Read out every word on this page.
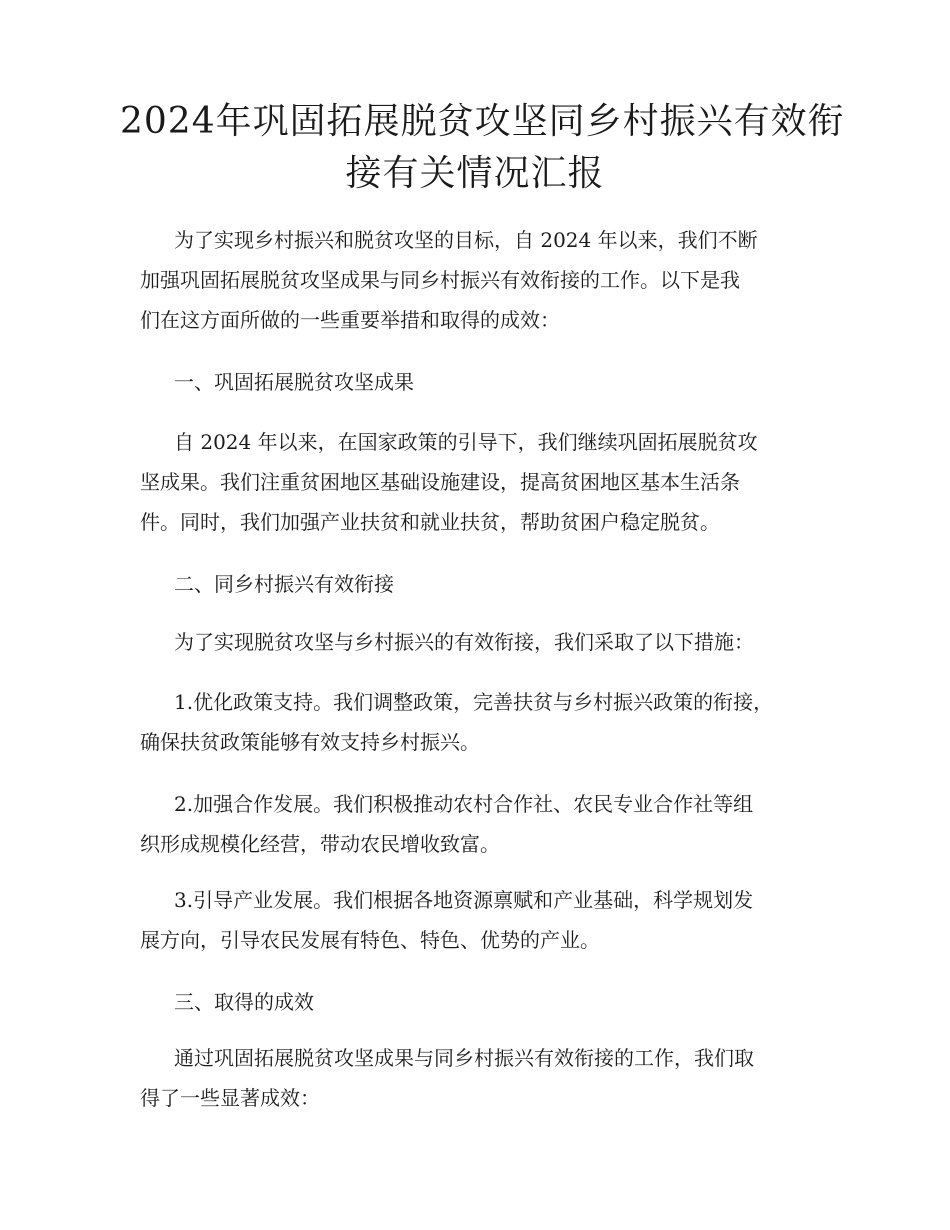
2024年巩固拓展脱贫攻坚同乡村振兴有效衔
接有关情况汇报

为了实现乡村振兴和脱贫攻坚的目标，自 2024 年以来，我们不断
加强巩固拓展脱贫攻坚成果与同乡村振兴有效衔接的工作。以下是我
们在这方面所做的一些重要举措和取得的成效：

一、巩固拓展脱贫攻坚成果

自 2024 年以来，在国家政策的引导下，我们继续巩固拓展脱贫攻
坚成果。我们注重贫困地区基础设施建设，提高贫困地区基本生活条
件。同时，我们加强产业扶贫和就业扶贫，帮助贫困户稳定脱贫。

二、同乡村振兴有效衔接

为了实现脱贫攻坚与乡村振兴的有效衔接，我们采取了以下措施：

1.优化政策支持。我们调整政策，完善扶贫与乡村振兴政策的衔接，
确保扶贫政策能够有效支持乡村振兴。

2.加强合作发展。我们积极推动农村合作社、农民专业合作社等组
织形成规模化经营，带动农民增收致富。

3.引导产业发展。我们根据各地资源禀赋和产业基础，科学规划发
展方向，引导农民发展有特色、特色、优势的产业。

三、取得的成效

通过巩固拓展脱贫攻坚成果与同乡村振兴有效衔接的工作，我们取
得了一些显著成效：
